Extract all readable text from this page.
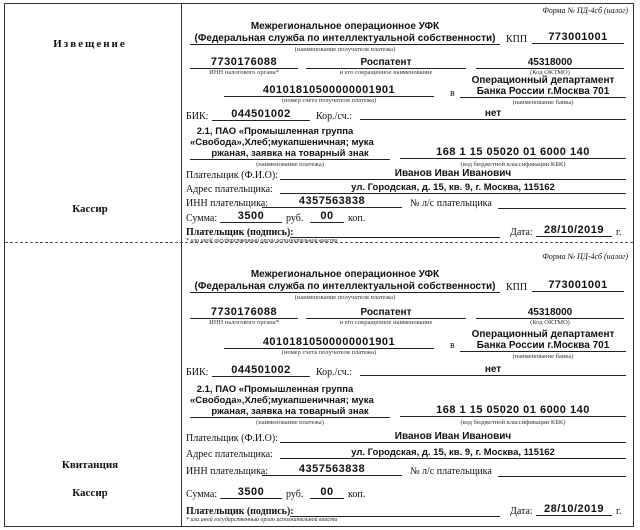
Извещение
Кассир
Квитанция
Кассир
Форма № ПД-4сб (налог)
Межрегиональное операционное УФК
(Федеральная служба по интеллектуальной собственности)
(наименование получателя платежа)
КПП	773001001
7730176088	Роспатент	45318000
ИНН налогового органа*	и его сокращенное наименование	(Код ОКТМО)
40101810500000001901
(номер счета получателя платежа)
в
Операционный департамент
Банка России г.Москва 701
(наименование банка)
БИК:	044501002	Кор./сч.:	нет
2.1, ПАО «Промышленная группа
«Свобода»,Хлеб;мукапшеничная; мука
ржаная, заявка на товарный знак
(наименование платежа)
168 1 15 05020 01 6000 140
(код бюджетной классификации КБК)
Плательщик (Ф.И.О):	Иванов Иван Иванович
Адрес плательщика:	ул. Городская, д. 15, кв. 9, г. Москва, 115162
ИНН плательщика:	4357563838	№ л/с плательщика
Сумма:	3500	руб.	00	коп.
Плательщик (подпись):	Дата:	28/10/2019	г.
* или иной государственный орган исполнительной власти
Форма № ПД-4сб (налог)
Межрегиональное операционное УФК
(Федеральная служба по интеллектуальной собственности)
(наименование получателя платежа)
КПП	773001001
7730176088	Роспатент	45318000
ИНН налогового органа*	и его сокращенное наименование	(Код ОКТМО)
40101810500000001901
(номер счета получателя платежа)
в
Операционный департамент
Банка России г.Москва 701
(наименование банка)
БИК:	044501002	Кор./сч.:	нет
2.1, ПАО «Промышленная группа
«Свобода»,Хлеб;мукапшеничная; мука
ржаная, заявка на товарный знак
(наименование платежа)
168 1 15 05020 01 6000 140
(код бюджетной классификации КБК)
Плательщик (Ф.И.О):	Иванов Иван Иванович
Адрес плательщика:	ул. Городская, д. 15, кв. 9, г. Москва, 115162
ИНН плательщика:	4357563838	№ л/с плательщика
Сумма:	3500	руб.	00	коп.
Плательщик (подпись):	Дата:	28/10/2019	г.
* или иной государственный орган исполнительной власти
